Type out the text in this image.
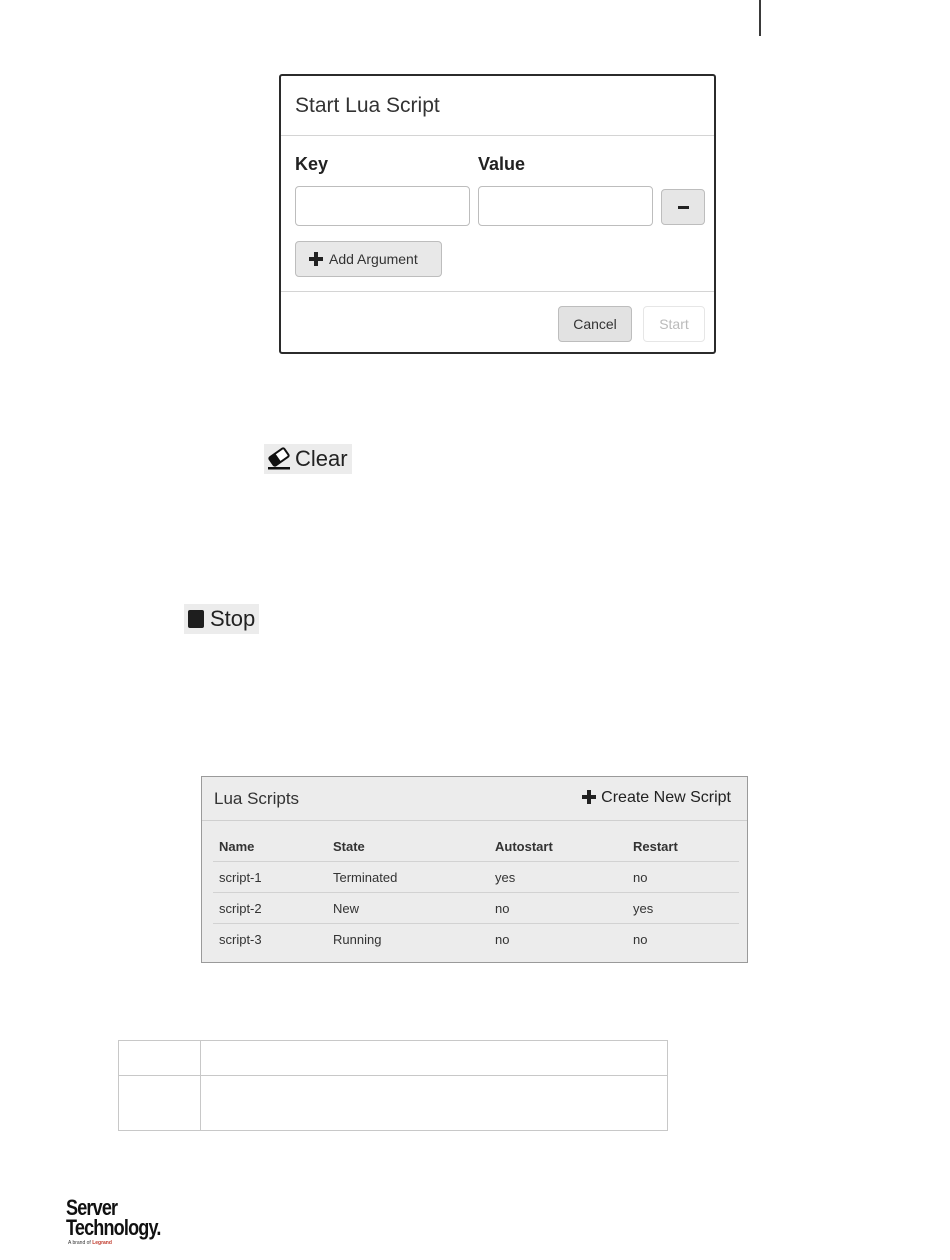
Start Lua Script
Key	Value
Add Argument
Cancel	Start
Clear
Stop
Lua Scripts	Create New Script
Name	State	Autostart	Restart
script-1	Terminated	yes	no
script-2	New	no	yes
script-3	Running	no	no

Server
Technology.
A brand of Legrand
